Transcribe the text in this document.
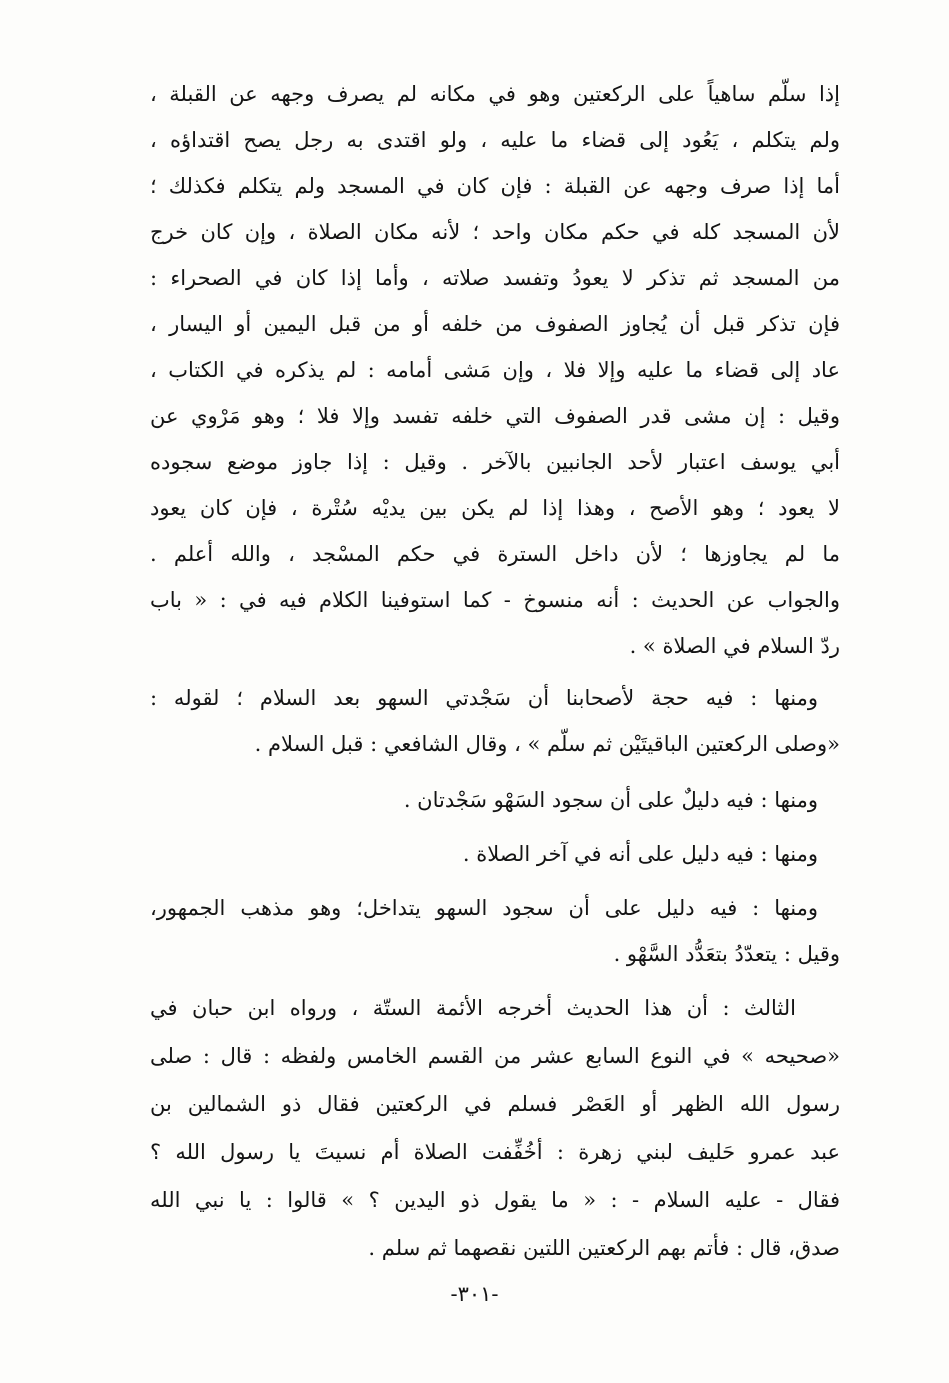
إذا سلّم ساهياً على الركعتين وهو في مكانه لم يصرف وجهه عن القبلة ،
ولم يتكلم ، يَعُود إلى قضاء ما عليه ، ولو اقتدى به رجل يصح اقتداؤه ،
أما إذا صرف وجهه عن القبلة : فإن كان في المسجد ولم يتكلم فكذلك ؛
لأن المسجد كله في حكم مكان واحد ؛ لأنه مكان الصلاة ، وإن كان خرج
من المسجد ثم تذكر لا يعودُ وتفسد صلاته ، وأما إذا كان في الصحراء :
فإن تذكر قبل أن يُجاوز الصفوف من خلفه أو من قبل اليمين أو اليسار ،
عاد إلى قضاء ما عليه وإلا فلا ، وإن مَشى أمامه : لم يذكره في الكتاب ،
وقيل : إن مشى قدر الصفوف التي خلفه تفسد وإلا فلا ؛ وهو مَرْوي عن
أبي يوسف اعتبار لأحد الجانبين بالآخر . وقيل : إذا جاوز موضع سجوده
لا يعود ؛ وهو الأصح ، وهذا إذا لم يكن بين يديْه سُتْرة ، فإن كان يعود
ما لم يجاوزها ؛ لأن داخل السترة في حكم المسْجد ، والله أعلم .
والجواب عن الحديث : أنه منسوخ - كما استوفينا الكلام فيه في : « باب
ردّ السلام في الصلاة » .
ومنها : فيه حجة لأصحابنا أن سَجْدتي السهو بعد السلام ؛ لقوله :
«وصلى الركعتين الباقيتَيْن ثم سلّم » ، وقال الشافعي : قبل السلام .
ومنها : فيه دليلٌ على أن سجود السَهْو سَجْدتان .
ومنها : فيه دليل على أنه في آخر الصلاة .
ومنها : فيه دليل على أن سجود السهو يتداخل؛ وهو مذهب الجمهور،
وقيل : يتعدّدُ بتعَدُّد السَّهْو .
الثالث : أن هذا الحديث أخرجه الأئمة الستّة ، ورواه ابن حبان في
«صحيحه » في النوع السابع عشر من القسم الخامس ولفظه : قال : صلى
رسول الله الظهر أو العَصْر فسلم في الركعتين فقال ذو الشمالين بن
عبد عمرو حَليف لبني زهرة : أخُفِّفت الصلاة أم نسيتَ يا رسول الله ؟
فقال - عليه السلام - : « ما يقول ذو اليدين ؟ » قالوا : يا نبي الله
صدق، قال : فأتم بهم الركعتين اللتين نقصهما ثم سلم .
-٣٠١-
